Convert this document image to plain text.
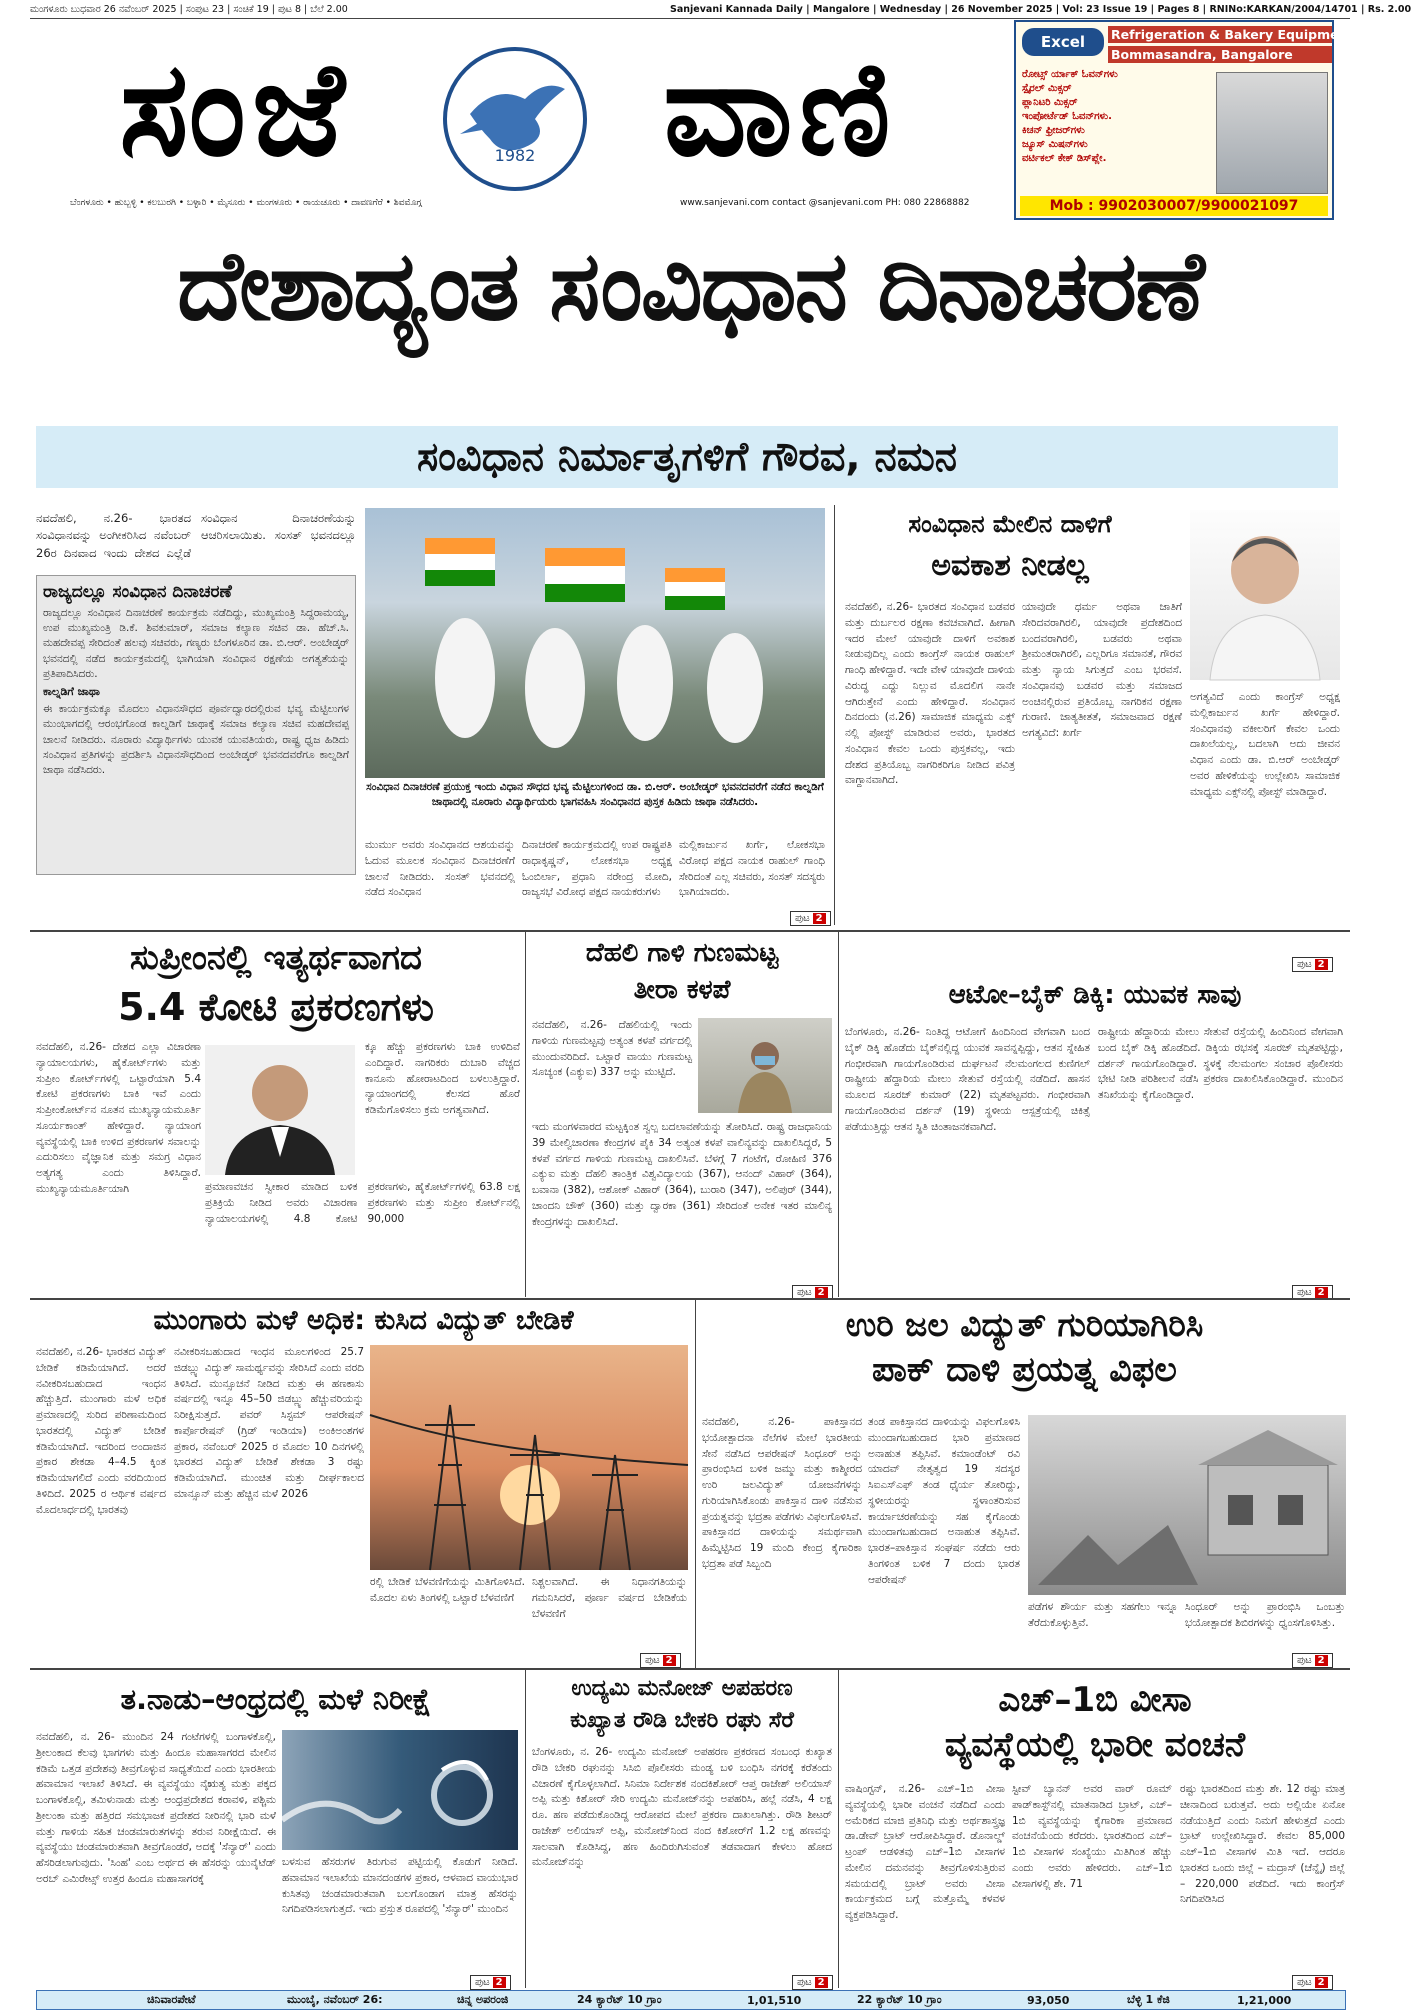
ಮಂಗಳೂರು ಬುಧವಾರ 26 ನವೆಂಬರ್ 2025 | ಸಂಪುಟ 23 | ಸಂಚಿಕೆ 19 | ಪುಟ 8 | ಬೆಲೆ 2.00	Sanjevani Kannada Daily | Mangalore | Wednesday | 26 November 2025 | Vol: 23 Issue 19 | Pages 8 | RNINo:KARKAN/2004/14701 | Rs. 2.00
ಸಂಜೆ	1982 ವಾಣಿ
ಬೆಂಗಳೂರು • ಹುಬ್ಬಳ್ಳಿ • ಕಲಬುರಗಿ • ಬಳ್ಳಾರಿ • ಮೈಸೂರು • ಮಂಗಳೂರು • ರಾಯಚೂರು • ದಾವಣಗೆರೆ • ಶಿವಮೊಗ್ಗ	www.sanjevani.com contact @sanjevani.com PH: 080 22868882
Excel	Refrigeration & Bakery Equipment
Bommasandra, Bangalore
ರೋಟ್ಸ್ ರ್ಯಾಕ್ ಓವನ್‌ಗಳು
ಸ್ಪೈರಲ್ ಮಿಕ್ಸರ್
ಪ್ಲಾನಿಟರಿ ಮಿಕ್ಸರ್
ಇಂಪೋರ್ಟೆಡ್ ಓವನ್‌ಗಳು.
ಕಿಚನ್ ಫ್ರೀಜರ್‌ಗಳು
ಜ್ಯೂಸ್ ಮಿಷನ್‌ಗಳು
ವರ್ಟಿಕಲ್ ಕೇಕ್ ಡಿಸ್‌ಪ್ಲೇ.
Mob : 9902030007/9900021097
ದೇಶಾದ್ಯಂತ ಸಂವಿಧಾನ ದಿನಾಚರಣೆ
ಸಂವಿಧಾನ ನಿರ್ಮಾತೃಗಳಿಗೆ ಗೌರವ, ನಮನ
ನವದೆಹಲಿ, ನ.26- ಭಾರತದ ಸಂವಿಧಾನವನ್ನು ಅಂಗೀಕರಿಸಿದ ನವೆಂಬರ್ 26ರ ದಿನವಾದ ಇಂದು ದೇಶದ ಎಲ್ಲೆಡೆ ಸಂವಿಧಾನ ದಿನಾಚರಣೆಯನ್ನು ಆಚರಿಸಲಾಯಿತು. ಸಂಸತ್ ಭವನದಲ್ಲೂ
ರಾಜ್ಯದಲ್ಲೂ ಸಂವಿಧಾನ ದಿನಾಚರಣೆ
ರಾಜ್ಯದಲ್ಲೂ ಸಂವಿಧಾನ ದಿನಾಚರಣೆ ಕಾರ್ಯಕ್ರಮ ನಡೆದಿದ್ದು, ಮುಖ್ಯಮಂತ್ರಿ ಸಿದ್ದರಾಮಯ್ಯ, ಉಪ ಮುಖ್ಯಮಂತ್ರಿ ಡಿ.ಕೆ. ಶಿವಕುಮಾರ್, ಸಮಾಜ ಕಲ್ಯಾಣ ಸಚಿವ ಡಾ. ಹೆಚ್.ಸಿ. ಮಹದೇವಪ್ಪ ಸೇರಿದಂತೆ ಹಲವು ಸಚಿವರು, ಗಣ್ಯರು ಬೆಂಗಳೂರಿನ ಡಾ. ಬಿ.ಆರ್. ಅಂಬೇಡ್ಕರ್ ಭವನದಲ್ಲಿ ನಡೆದ ಕಾರ್ಯಕ್ರಮದಲ್ಲಿ ಭಾಗಿಯಾಗಿ ಸಂವಿಧಾನ ರಕ್ಷಣೆಯ ಅಗತ್ಯತೆಯನ್ನು ಪ್ರತಿಪಾದಿಸಿದರು.
ಕಾಲ್ನಡಿಗೆ ಜಾಥಾ
ಈ ಕಾರ್ಯಕ್ರಮಕ್ಕೂ ಮೊದಲು ವಿಧಾನಸೌಧದ ಪೂರ್ವದ್ವಾರದಲ್ಲಿರುವ ಭವ್ಯ ಮೆಟ್ಟಿಲುಗಳ ಮುಂಭಾಗದಲ್ಲಿ ಆರಂಭಗೊಂಡ ಕಾಲ್ನಡಿಗೆ ಜಾಥಾಕ್ಕೆ ಸಮಾಜ ಕಲ್ಯಾಣ ಸಚಿವ ಮಹದೇವಪ್ಪ ಚಾಲನೆ ನೀಡಿದರು. ನೂರಾರು ವಿದ್ಯಾರ್ಥಿಗಳು ಯುವಕ ಯುವತಿಯರು, ರಾಷ್ಟ್ರ ಧ್ವಜ ಹಿಡಿದು ಸಂವಿಧಾನ ಪ್ರತಿಗಳನ್ನು ಪ್ರದರ್ಶಿಸಿ ವಿಧಾನಸೌಧದಿಂದ ಅಂಬೇಡ್ಕರ್ ಭವನದವರೆಗೂ ಕಾಲ್ನಡಿಗೆ ಜಾಥಾ ನಡೆಸಿದರು.
ಸಂವಿಧಾನ ದಿನಾಚರಣೆ ಪ್ರಯುಕ್ತ ಇಂದು ವಿಧಾನ ಸೌಧದ ಭವ್ಯ ಮೆಟ್ಟಿಲುಗಳಿಂದ ಡಾ. ಬಿ.ಆರ್. ಅಂಬೇಡ್ಕರ್ ಭವನದವರೆಗೆ ನಡೆದ ಕಾಲ್ನಡಿಗೆ ಜಾಥಾದಲ್ಲಿ ನೂರಾರು ವಿದ್ಯಾರ್ಥಿಯರು ಭಾಗವಹಿಸಿ ಸಂವಿಧಾನದ ಪುಸ್ತಕ ಹಿಡಿದು ಜಾಥಾ ನಡೆಸಿದರು.
ಮುರ್ಮು ಅವರು ಸಂವಿಧಾನದ ಆಶಯವನ್ನು ಓದುವ ಮೂಲಕ ಸಂವಿಧಾನ ದಿನಾಚರಣೆಗೆ ಚಾಲನೆ ನೀಡಿದರು. ಸಂಸತ್ ಭವನದಲ್ಲಿ ನಡೆದ ಸಂವಿಧಾನ
ದಿನಾಚರಣೆ ಕಾರ್ಯಕ್ರಮದಲ್ಲಿ ಉಪ ರಾಷ್ಟ್ರಪತಿ ರಾಧಾಕೃಷ್ಣನ್, ಲೋಕಸಭಾ ಅಧ್ಯಕ್ಷ ಓಂಬಿರ್ಲಾ, ಪ್ರಧಾನಿ ನರೇಂದ್ರ ಮೋದಿ, ರಾಜ್ಯಸಭೆ ವಿರೋಧ ಪಕ್ಷದ ನಾಯಕರುಗಳು
ಮಲ್ಲಿಕಾರ್ಜುನ ಖರ್ಗೆ, ಲೋಕಸಭಾ ವಿರೋಧ ಪಕ್ಷದ ನಾಯಕ ರಾಹುಲ್ ಗಾಂಧಿ ಸೇರಿದಂತೆ ಎಲ್ಲ ಸಚಿವರು, ಸಂಸತ್ ಸದಸ್ಯರು ಭಾಗಿಯಾದರು.
ಪುಟ 2
ಸಂವಿಧಾನ ಮೇಲಿನ ದಾಳಿಗೆ
ಅವಕಾಶ ನೀಡಲ್ಲ
ನವದೆಹಲಿ, ನ.26- ಭಾರತದ ಸಂವಿಧಾನ ಬಡವರ ಮತ್ತು ದುರ್ಬಲರ ರಕ್ಷಣಾ ಕವಚವಾಗಿದೆ. ಹೀಗಾಗಿ ಇದರ ಮೇಲೆ ಯಾವುದೇ ದಾಳಿಗೆ ಅವಕಾಶ ನೀಡುವುದಿಲ್ಲ ಎಂದು ಕಾಂಗ್ರೆಸ್ ನಾಯಕ ರಾಹುಲ್ ಗಾಂಧಿ ಹೇಳಿದ್ದಾರೆ. ಇದೇ ವೇಳೆ ಯಾವುದೇ ದಾಳಿಯ ವಿರುದ್ಧ ಎದ್ದು ನಿಲ್ಲುವ ಮೊದಲಿಗ ನಾನೇ ಆಗಿರುತ್ತೇನೆ ಎಂದು ಹೇಳಿದ್ದಾರೆ. ಸಂವಿಧಾನ ದಿನದಂದು (ನ.26) ಸಾಮಾಜಿಕ ಮಾಧ್ಯಮ ಎಕ್ಸ್ ನಲ್ಲಿ ಪೋಸ್ಟ್ ಮಾಡಿರುವ ಅವರು, ಭಾರತದ ಸಂವಿಧಾನ ಕೇವಲ ಒಂದು ಪುಸ್ತಕವಲ್ಲ, ಇದು ದೇಶದ ಪ್ರತಿಯೊಬ್ಬ ನಾಗರಿಕರಿಗೂ ನೀಡಿದ ಪವಿತ್ರ ವಾಗ್ದಾನವಾಗಿದೆ.
ಯಾವುದೇ ಧರ್ಮ ಅಥವಾ ಜಾತಿಗೆ ಸೇರಿದವರಾಗಿರಲಿ, ಯಾವುದೇ ಪ್ರದೇಶದಿಂದ ಬಂದವರಾಗಿರಲಿ, ಬಡವರು ಅಥವಾ ಶ್ರೀಮಂತರಾಗಿರಲಿ, ಎಲ್ಲರಿಗೂ ಸಮಾನತೆ, ಗೌರವ ಮತ್ತು ನ್ಯಾಯ ಸಿಗುತ್ತದೆ ಎಂಬ ಭರವಸೆ. ಸಂವಿಧಾನವು ಬಡವರ ಮತ್ತು ಸಮಾಜದ ಅಂಚಿನಲ್ಲಿರುವ ಪ್ರತಿಯೊಬ್ಬ ನಾಗರಿಕನ ರಕ್ಷಣಾ ಗುರಾಣಿ. ಜಾತ್ಯತೀತತೆ, ಸಮಾಜವಾದ ರಕ್ಷಣೆ ಅಗತ್ಯವಿದೆ: ಖರ್ಗೆ
ಅಗತ್ಯವಿದೆ ಎಂದು ಕಾಂಗ್ರೆಸ್ ಅಧ್ಯಕ್ಷ ಮಲ್ಲಿಕಾರ್ಜುನ ಖರ್ಗೆ ಹೇಳಿದ್ದಾರೆ. ಸಂವಿಧಾನವು ವಕೀಲರಿಗೆ ಕೇವಲ ಒಂದು ದಾಖಲೆಯಲ್ಲ, ಬದಲಾಗಿ ಅದು ಜೀವನ ವಿಧಾನ ಎಂದು ಡಾ. ಬಿ.ಆರ್ ಅಂಬೇಡ್ಕರ್ ಅವರ ಹೇಳಿಕೆಯನ್ನು ಉಲ್ಲೇಖಿಸಿ ಸಾಮಾಜಿಕ ಮಾಧ್ಯಮ ಎಕ್ಸ್‌ನಲ್ಲಿ ಪೋಸ್ಟ್ ಮಾಡಿದ್ದಾರೆ.
ಪುಟ 2
ಸುಪ್ರೀಂನಲ್ಲಿ ಇತ್ಯರ್ಥವಾಗದ
5.4 ಕೋಟಿ ಪ್ರಕರಣಗಳು
ನವದೆಹಲಿ, ನ.26- ದೇಶದ ಎಲ್ಲಾ ವಿಚಾರಣಾ ನ್ಯಾಯಾಲಯಗಳು, ಹೈಕೋರ್ಟ್‌ಗಳು ಮತ್ತು ಸುಪ್ರೀಂ ಕೋರ್ಟ್‌ಗಳಲ್ಲಿ ಒಟ್ಟಾರೆಯಾಗಿ 5.4 ಕೋಟಿ ಪ್ರಕರಣಗಳು ಬಾಕಿ ಇವೆ ಎಂದು ಸುಪ್ರೀಂಕೋರ್ಟ್‌ನ ನೂತನ ಮುಖ್ಯನ್ಯಾಯಮೂರ್ತಿ ಸೂರ್ಯಕಾಂತ್ ಹೇಳಿದ್ದಾರೆ. ನ್ಯಾಯಾಂಗ ವ್ಯವಸ್ಥೆಯಲ್ಲಿ ಬಾಕಿ ಉಳಿದ ಪ್ರಕರಣಗಳ ಸವಾಲನ್ನು ಎದುರಿಸಲು ವೈಜ್ಞಾನಿಕ ಮತ್ತು ಸಮಗ್ರ ವಿಧಾನ ಅತ್ಯಗತ್ಯ ಎಂದು ತಿಳಿಸಿದ್ದಾರೆ. ಮುಖ್ಯನ್ಯಾಯಮೂರ್ತಿಯಾಗಿ
ಕ್ಕೂ ಹೆಚ್ಚು ಪ್ರಕರಣಗಳು ಬಾಕಿ ಉಳಿದಿವೆ ಎಂದಿದ್ದಾರೆ. ನಾಗರಿಕರು ದುಬಾರಿ ವೆಚ್ಚದ ಕಾನೂನು ಹೋರಾಟದಿಂದ ಬಳಲುತ್ತಿದ್ದಾರೆ. ನ್ಯಾಯಾಂಗದಲ್ಲಿ ಕೆಲಸದ ಹೊರೆ ಕಡಿಮೆಗೊಳಿಸಲು ಕ್ರಮ ಅಗತ್ಯವಾಗಿದೆ.
ಪ್ರಮಾಣವಚನ ಸ್ವೀಕಾರ ಮಾಡಿದ ಬಳಿಕ ಪ್ರತಿಕ್ರಿಯೆ ನೀಡಿದ ಅವರು ವಿಚಾರಣಾ ನ್ಯಾಯಾಲಯಗಳಲ್ಲಿ 4.8 ಕೋಟಿ ಪ್ರಕರಣಗಳು, ಹೈಕೋರ್ಟ್‌ಗಳಲ್ಲಿ 63.8 ಲಕ್ಷ ಪ್ರಕರಣಗಳು ಮತ್ತು ಸುಪ್ರೀಂ ಕೋರ್ಟ್‌ನಲ್ಲಿ 90,000
ದೆಹಲಿ ಗಾಳಿ ಗುಣಮಟ್ಟ
ತೀರಾ ಕಳಪೆ
ನವದೆಹಲಿ, ನ.26- ದೆಹಲಿಯಲ್ಲಿ ಇಂದು ಗಾಳಿಯ ಗುಣಮಟ್ಟವು ಅತ್ಯಂತ ಕಳಪೆ ವರ್ಗದಲ್ಲಿ ಮುಂದುವರಿದಿದೆ. ಒಟ್ಟಾರೆ ವಾಯು ಗುಣಮಟ್ಟ ಸೂಚ್ಯಂಕ (ಎಕ್ಯುಐ) 337 ಅನ್ನು ಮುಟ್ಟಿದೆ.
ಇದು ಮಂಗಳವಾರದ ಮಟ್ಟಕ್ಕಿಂತ ಸ್ವಲ್ಪ ಬದಲಾವಣೆಯನ್ನು ತೋರಿಸಿದೆ. ರಾಷ್ಟ್ರ ರಾಜಧಾನಿಯ 39 ಮೇಲ್ವಿಚಾರಣಾ ಕೇಂದ್ರಗಳ ಪೈಕಿ 34 ಅತ್ಯಂತ ಕಳಪೆ ವಾಲಿನ್ಯವನ್ನು ದಾಖಲಿಸಿದ್ದರೆ, 5 ಕಳಪೆ ವರ್ಗದ ಗಾಳಿಯ ಗುಣಮಟ್ಟ ದಾಖಲಿಸಿವೆ. ಬೆಳಗ್ಗೆ 7 ಗಂಟೆಗೆ, ರೋಹಿಣಿ 376 ಎಕ್ಯುಐ ಮತ್ತು ದೆಹಲಿ ತಾಂತ್ರಿಕ ವಿಶ್ವವಿದ್ಯಾಲಯ (367), ಆನಂದ್ ವಿಹಾರ್ (364), ಬವಾನಾ (382), ಆಶೋಕ್ ವಿಹಾರ್ (364), ಬುರಾರಿ (347), ಅಲಿಪುರ್ (344), ಚಾಂದನಿ ಚೌಕ್ (360) ಮತ್ತು ದ್ವಾರಕಾ (361) ಸೇರಿದಂತೆ ಅನೇಕ ಇತರ ಮಾಲಿನ್ಯ ಕೇಂದ್ರಗಳನ್ನು ದಾಖಲಿಸಿದೆ.
ಪುಟ 2
ಆಟೋ–ಬೈಕ್ ಡಿಕ್ಕಿ: ಯುವಕ ಸಾವು
ಬೆಂಗಳೂರು, ನ.26- ನಿಂತಿದ್ದ ಆಟೋಗೆ ಹಿಂದಿನಿಂದ ವೇಗವಾಗಿ ಬಂದ ಬೈಕ್ ಡಿಕ್ಕಿ ಹೊಡೆದು ಬೈಕ್‌ನಲ್ಲಿದ್ದ ಯುವಕ ಸಾವನ್ನಪ್ಪಿದ್ದು, ಆತನ ಸ್ನೇಹಿತ ಗಂಭೀರವಾಗಿ ಗಾಯಗೊಂಡಿರುವ ದುರ್ಘಟನೆ ನೆಲಮಂಗಲದ ಕುಣಿಗಲ್ ರಾಷ್ಟ್ರೀಯ ಹೆದ್ದಾರಿಯ ಮೇಲು ಸೇತುವೆ ರಸ್ತೆಯಲ್ಲಿ ನಡೆದಿದೆ. ಹಾಸನ ಮೂಲದ ಸೂರಜ್ ಕುಮಾರ್ (22) ಮೃತಪಟ್ಟವರು. ಗಂಭೀರವಾಗಿ ಗಾಯಗೊಂಡಿರುವ ದರ್ಶನ್ (19) ಸ್ಥಳೀಯ ಆಸ್ಪತ್ರೆಯಲ್ಲಿ ಚಿಕಿತ್ಸೆ ಪಡೆಯುತ್ತಿದ್ದು ಆತನ ಸ್ಥಿತಿ ಚಿಂತಾಜನಕವಾಗಿದೆ.
ರಾಷ್ಟ್ರೀಯ ಹೆದ್ದಾರಿಯ ಮೇಲು ಸೇತುವೆ ರಸ್ತೆಯಲ್ಲಿ ಹಿಂದಿನಿಂದ ವೇಗವಾಗಿ ಬಂದ ಬೈಕ್ ಡಿಕ್ಕಿ ಹೊಡೆದಿದೆ. ಡಿಕ್ಕಿಯ ರಭಸಕ್ಕೆ ಸೂರಜ್ ಮೃತಪಟ್ಟಿದ್ದು, ದರ್ಶನ್ ಗಾಯಗೊಂಡಿದ್ದಾರೆ. ಸ್ಥಳಕ್ಕೆ ನೆಲಮಂಗಲ ಸಂಚಾರ ಪೊಲೀಸರು ಭೇಟಿ ನೀಡಿ ಪರಿಶೀಲನೆ ನಡೆಸಿ ಪ್ರಕರಣ ದಾಖಲಿಸಿಕೊಂಡಿದ್ದಾರೆ. ಮುಂದಿನ ತನಿಖೆಯನ್ನು ಕೈಗೊಂಡಿದ್ದಾರೆ.
ಪುಟ 2
ಮುಂಗಾರು ಮಳೆ ಅಧಿಕ: ಕುಸಿದ ವಿದ್ಯುತ್ ಬೇಡಿಕೆ
ನವದೆಹಲಿ, ನ.26- ಭಾರತದ ವಿದ್ಯುತ್ ಬೇಡಿಕೆ ಕಡಿಮೆಯಾಗಿದೆ. ಅದರೆ ನವೀಕರಿಸಬಹುದಾದ ಇಂಧನ ಹೆಚ್ಚುತ್ತಿದೆ. ಮುಂಗಾರು ಮಳೆ ಅಧಿಕ ಪ್ರಮಾಣದಲ್ಲಿ ಸುರಿದ ಪರಿಣಾಮದಿಂದ ಭಾರತದಲ್ಲಿ ವಿದ್ಯುತ್ ಬೇಡಿಕೆ ಕಡಿಮೆಯಾಗಿದೆ. ಇದರಿಂದ ಅಂದಾಜಿನ ಪ್ರಕಾರ ಶೇಕಡಾ 4–4.5 ಕ್ಕಿಂತ ಕಡಿಮೆಯಾಗಲಿದೆ ಎಂದು ವರದಿಯಿಂದ ತಿಳಿದಿದೆ. 2025 ರ ಆರ್ಥಿಕ ವರ್ಷದ ಮೊದಲಾರ್ಧದಲ್ಲಿ ಭಾರತವು
ನವೀಕರಿಸಬಹುದಾದ ಇಂಧನ ಮೂಲಗಳಿಂದ 25.7 ಜಿಡಬ್ಲ್ಯು ವಿದ್ಯುತ್ ಸಾಮರ್ಥ್ಯವನ್ನು ಸೇರಿಸಿದೆ ಎಂದು ವರದಿ ತಿಳಿಸಿದೆ. ಮುನ್ಸೂಚನೆ ನೀಡಿದ ಮತ್ತು ಈ ಹಣಕಾಸು ವರ್ಷದಲ್ಲಿ ಇನ್ನೂ 45–50 ಜಿಡಬ್ಲ್ಯು ಹೆಚ್ಚುವರಿಯನ್ನು ನಿರೀಕ್ಷಿಸುತ್ತದೆ. ಪವರ್ ಸಿಸ್ಟಮ್ ಆಪರೇಷನ್ ಕಾರ್ಪೊರೇಷನ್ (ಗ್ರಿಡ್ ಇಂಡಿಯಾ) ಅಂಕಿಅಂಶಗಳ ಪ್ರಕಾರ, ನವೆಂಬರ್ 2025 ರ ಮೊದಲ 10 ದಿನಗಳಲ್ಲಿ ಭಾರತದ ವಿದ್ಯುತ್ ಬೇಡಿಕೆ ಶೇಕಡಾ 3 ರಷ್ಟು ಕಡಿಮೆಯಾಗಿದೆ. ಮುಂಚಿತ ಮತ್ತು ದೀರ್ಘಕಾಲದ ಮಾನ್ಸೂನ್ ಮತ್ತು ಹೆಚ್ಚಿನ ಮಳೆ 2026
ರಲ್ಲಿ ಬೇಡಿಕೆ ಬೆಳವಣಿಗೆಯನ್ನು ಮಿತಿಗೊಳಿಸಿದೆ. ಮೊದಲ ಏಳು ತಿಂಗಳಲ್ಲಿ ಒಟ್ಟಾರೆ ಬೆಳವಣಿಗೆ
ನಿಶ್ಚಲವಾಗಿದೆ. ಈ ನಿಧಾನಗತಿಯನ್ನು ಗಮನಿಸಿದರೆ, ಪೂರ್ಣ ವರ್ಷದ ಬೇಡಿಕೆಯ ಬೆಳವಣಿಗೆ
ಪುಟ 2
ಉರಿ ಜಲ ವಿದ್ಯುತ್ ಗುರಿಯಾಗಿರಿಸಿ
ಪಾಕ್ ದಾಳಿ ಪ್ರಯತ್ನ ವಿಫಲ
ನವದೆಹಲಿ, ನ.26- ಪಾಕಿಸ್ತಾನದ ಭಯೋತ್ಪಾದನಾ ನೆಲೆಗಳ ಮೇಲೆ ಭಾರತೀಯ ಸೇನೆ ನಡೆಸಿದ ಆಪರೇಷನ್ ಸಿಂಧೂರ್ ಅನ್ನು ಪ್ರಾರಂಭಿಸಿದ ಬಳಿಕ ಜಮ್ಮು ಮತ್ತು ಕಾಶ್ಮೀರದ ಉರಿ ಜಲವಿದ್ಯುತ್ ಯೋಜನೆಗಳನ್ನು ಗುರಿಯಾಗಿಸಿಕೊಂಡು ಪಾಕಿಸ್ತಾನ ದಾಳಿ ನಡೆಸುವ ಪ್ರಯತ್ನವನ್ನು ಭದ್ರತಾ ಪಡೆಗಳು ವಿಫಲಗೊಳಿಸಿವೆ. ಪಾಕಿಸ್ತಾನದ ದಾಳಿಯನ್ನು ಸಮರ್ಥವಾಗಿ ಹಿಮ್ಮೆಟ್ಟಿಸಿದ 19 ಮಂದಿ ಕೇಂದ್ರ ಕೈಗಾರಿಕಾ ಭದ್ರತಾ ಪಡೆ ಸಿಬ್ಬಂದಿ
ತಂಡ ಪಾಕಿಸ್ತಾನದ ದಾಳಿಯನ್ನು ವಿಫಲಗೊಳಿಸಿ ಮುಂದಾಗಬಹುದಾದ ಭಾರಿ ಪ್ರಮಾಣದ ಅನಾಹುತ ತಪ್ಪಿಸಿವೆ. ಕಮಾಂಡೆಂಟ್ ರವಿ ಯಾದವ್ ನೇತೃತ್ವದ 19 ಸದಸ್ಯರ ಸಿಐಎಸ್‌ಎಫ್ ತಂಡ ಧೈರ್ಯ ತೋರಿದ್ದು, ಸ್ಥಳೀಯರನ್ನು ಸ್ಥಳಾಂತರಿಸುವ ಕಾರ್ಯಾಚರಣೆಯನ್ನು ಸಹ ಕೈಗೊಂಡು ಮುಂದಾಗಬಹುದಾದ ಅನಾಹುತ ತಪ್ಪಿಸಿವೆ. ಭಾರತ–ಪಾಕಿಸ್ತಾನ ಸಂಘರ್ಷ ನಡೆದು ಆರು ತಿಂಗಳಿಂತ ಬಳಿಕ 7 ದಂದು ಭಾರತ ಆಪರೇಷನ್
ಪಡೆಗಳ ಶೌರ್ಯ ಮತ್ತು ಸಹಗೆಲು ಇನ್ನೂ ತೆರೆದುಕೊಳ್ಳುತ್ತಿವೆ.
ಸಿಂಧೂರ್ ಅನ್ನು ಪ್ರಾರಂಭಿಸಿ ಒಂಬತ್ತು ಭಯೋತ್ಪಾದಕ ಶಿಬಿರಗಳನ್ನು ಧ್ವಂಸಗೊಳಿಸಿತ್ತು.
ಪುಟ 2
ತ.ನಾಡು–ಆಂಧ್ರದಲ್ಲಿ ಮಳೆ ನಿರೀಕ್ಷೆ
ನವದೆಹಲಿ, ನ. 26- ಮುಂದಿನ 24 ಗಂಟೆಗಳಲ್ಲಿ ಬಂಗಾಳಕೊಲ್ಲಿ, ಶ್ರೀಲಂಕಾದ ಕೆಲವು ಭಾಗಗಳು ಮತ್ತು ಹಿಂದೂ ಮಹಾಸಾಗರದ ಮೇಲಿನ ಕಡಿಮೆ ಒತ್ತಡ ಪ್ರದೇಶವು ತೀವ್ರಗೊಳ್ಳುವ ಸಾಧ್ಯತೆಯಿದೆ ಎಂದು ಭಾರತೀಯ ಹವಾಮಾನ ಇಲಾಖೆ ತಿಳಿಸಿದೆ. ಈ ವ್ಯವಸ್ಥೆಯು ನೈಋತ್ಯ ಮತ್ತು ಪಕ್ಕದ ಬಂಗಾಳಕೊಲ್ಲಿ, ತಮಿಳುನಾಡು ಮತ್ತು ಆಂಧ್ರಪ್ರದೇಶದ ಕರಾವಳಿ, ಪಶ್ಚಿಮ ಶ್ರೀಲಂಕಾ ಮತ್ತು ಹತ್ತಿರದ ಸಮಭಾಜಕ ಪ್ರದೇಶದ ನೀರಿನಲ್ಲಿ ಭಾರಿ ಮಳೆ ಮತ್ತು ಗಾಳಿಯ ಸಹಿತ ಚಂಡಮಾರುತಗಳನ್ನು ತರುವ ನಿರೀಕ್ಷೆಯಿದೆ. ಈ ವ್ಯವಸ್ಥೆಯು ಚಂಡಮಾರುತವಾಗಿ ತೀವ್ರಗೊಂಡರೆ, ಅದಕ್ಕೆ 'ಸೆನ್ಯಾರ್' ಎಂದು ಹೆಸರಿಡಲಾಗುವುದು. 'ಸಿಂಹ' ಎಂಬ ಅರ್ಥದ ಈ ಹೆಸರನ್ನು ಯುನೈಟೆಡ್ ಅರಬ್ ಎಮಿರೇಟ್ಸ್ ಉತ್ತರ ಹಿಂದೂ ಮಹಾಸಾಗರಕ್ಕೆ
ಬಳಸುವ ಹೆಸರುಗಳ ತಿರುಗುವ ಪಟ್ಟಿಯಲ್ಲಿ ಕೊಡುಗೆ ನೀಡಿದೆ. ಹವಾಮಾನ ಇಲಾಖೆಯ ಮಾನದಂಡಗಳ ಪ್ರಕಾರ, ಆಳವಾದ ವಾಯುಭಾರ ಕುಸಿತವು ಚಂಡಮಾರುತವಾಗಿ ಬಲಗೊಂಡಾಗ ಮಾತ್ರ ಹೆಸರನ್ನು ನಿಗದಿಪಡಿಸಲಾಗುತ್ತದೆ. ಇದು ಪ್ರಸ್ತುತ ರೂಪದಲ್ಲಿ 'ಸೆನ್ಯಾರ್' ಮುಂದಿನ
ಪುಟ 2
ಉದ್ಯಮಿ ಮನೋಜ್ ಅಪಹರಣ
ಕುಖ್ಯಾತ ರೌಡಿ ಬೇಕರಿ ರಘು ಸೆರೆ
ಬೆಂಗಳೂರು, ನ. 26- ಉದ್ಯಮಿ ಮನೋಜ್ ಅಪಹರಣ ಪ್ರಕರಣದ ಸಂಬಂಧ ಕುಖ್ಯಾತ ರೌಡಿ ಬೇಕರಿ ರಘುನನ್ನು ಸಿಸಿಬಿ ಪೊಲೀಸರು ಮಂಡ್ಯ ಬಳಿ ಬಂಧಿಸಿ ನಗರಕ್ಕೆ ಕರೆತಂದು ವಿಚಾರಣೆ ಕೈಗೊಳ್ಳಲಾಗಿದೆ. ಸಿನಿಮಾ ನಿರ್ದೇಶಕ ನಂದಕಿಶೋರ್ ಆಪ್ತ ರಾಜೇಶ್ ಅಲಿಯಾಸ್ ಅಪ್ಪಿ ಮತ್ತು ಕಿಶೋರ್ ಸೇರಿ ಉದ್ಯಮಿ ಮನೋಜ್‌ನನ್ನು ಅಪಹರಿಸಿ, ಹಲ್ಲೆ ನಡೆಸಿ, 4 ಲಕ್ಷ ರೂ. ಹಣ ಪಡೆದುಕೊಂಡಿದ್ದ ಆರೋಪದ ಮೇಲೆ ಪ್ರಕರಣ ದಾಖಲಾಗಿತ್ತು. ರೌಡಿ ಶೀಟರ್ ರಾಜೇಶ್ ಅಲಿಯಾಸ್ ಅಪ್ಪಿ, ಮನೋಜ್‌ನಿಂದ ನಂದ ಕಿಶೋರ್‌ಗೆ 1.2 ಲಕ್ಷ ಹಣವನ್ನು ಸಾಲವಾಗಿ ಕೊಡಿಸಿದ್ದ, ಹಣ ಹಿಂದಿರುಗಿಸುವಂತೆ ತಡವಾದಾಗ ಕೇಳಲು ಹೋದ ಮನೋಜ್‌ನನ್ನು
ಪುಟ 2
ಎಚ್–1ಬಿ ವೀಸಾ
ವ್ಯವಸ್ಥೆಯಲ್ಲಿ ಭಾರೀ ವಂಚನೆ
ವಾಷಿಂಗ್ಟನ್, ನ.26- ಎಚ್–1ಬಿ ವೀಸಾ ವ್ಯವಸ್ಥೆಯಲ್ಲಿ ಭಾರೀ ವಂಚನೆ ನಡೆದಿದೆ ಎಂದು ಅಮೆರಿಕದ ಮಾಜಿ ಪ್ರತಿನಿಧಿ ಮತ್ತು ಅರ್ಥಶಾಸ್ತ್ರಜ್ಞ ಡಾ.ಡೇವ್ ಬ್ರಾಟ್ ಆರೋಪಿಸಿದ್ದಾರೆ. ಡೊನಾಲ್ಡ್ ಟ್ರಂಪ್ ಆಡಳಿತವು ಎಚ್–1ಬಿ ವೀಸಾಗಳ ಮೇಲಿನ ದಮನವನ್ನು ತೀವ್ರಗೊಳಿಸುತ್ತಿರುವ ಸಮಯದಲ್ಲಿ ಬ್ರಾಟ್ ಅವರು ವೀಸಾ ಕಾರ್ಯಕ್ರಮದ ಬಗ್ಗೆ ಮತ್ತೊಮ್ಮೆ ಕಳವಳ ವ್ಯಕ್ತಪಡಿಸಿದ್ದಾರೆ.
ಸ್ಟೀವ್ ಬ್ಯಾನನ್ ಅವರ ವಾರ್ ರೂಮ್ ಪಾಡ್‌ಕಾಸ್ಟ್‌ನಲ್ಲಿ ಮಾತನಾಡಿದ ಬ್ರಾಟ್, ಎಚ್–1ಬಿ ವ್ಯವಸ್ಥೆಯನ್ನು ಕೈಗಾರಿಕಾ ಪ್ರಮಾಣದ ವಂಚನೆಯೆಂದು ಕರೆದರು. ಭಾರತದಿಂದ ಎಚ್–1ಬಿ ವೀಸಾಗಳ ಸಂಖ್ಯೆಯು ಮಿತಿಗಿಂತ ಹೆಚ್ಚು ಎಂದು ಅವರು ಹೇಳಿದರು. ಎಚ್–1ಬಿ ವೀಸಾಗಳಲ್ಲಿ ಶೇ. 71
ರಷ್ಟು ಭಾರತದಿಂದ ಮತ್ತು ಶೇ. 12 ರಷ್ಟು ಮಾತ್ರ ಚೀನಾದಿಂದ ಬರುತ್ತವೆ. ಅದು ಅಲ್ಲಿಯೇ ಏನೋ ನಡೆಯುತ್ತಿದೆ ಎಂದು ನಿಮಗೆ ಹೇಳುತ್ತದೆ ಎಂದು ಬ್ರಾಟ್ ಉಲ್ಲೇಖಿಸಿದ್ದಾರೆ. ಕೇವಲ 85,000 ಎಚ್–1ಬಿ ವೀಸಾಗಳ ಮಿತಿ ಇದೆ. ಆದರೂ ಭಾರತದ ಒಂದು ಜಿಲ್ಲೆ – ಮದ್ರಾಸ್ (ಚೆನ್ನೈ) ಜಿಲ್ಲೆ – 220,000 ಪಡೆದಿದೆ. ಇದು ಕಾಂಗ್ರೆಸ್ ನಿಗದಿಪಡಿಸಿದ
ಪುಟ 2
ಚಿನಿವಾರಪೇಟೆ	ಮುಂಬೈ, ನವೆಂಬರ್ 26:	ಚಿನ್ನ ಅಪರಂಜಿ	24 ಕ್ಯಾರೆಟ್ 10 ಗ್ರಾಂ	1,01,510	22 ಕ್ಯಾರೆಟ್ 10 ಗ್ರಾಂ	93,050	ಬೆಳ್ಳಿ 1 ಕೆಜಿ	1,21,000
